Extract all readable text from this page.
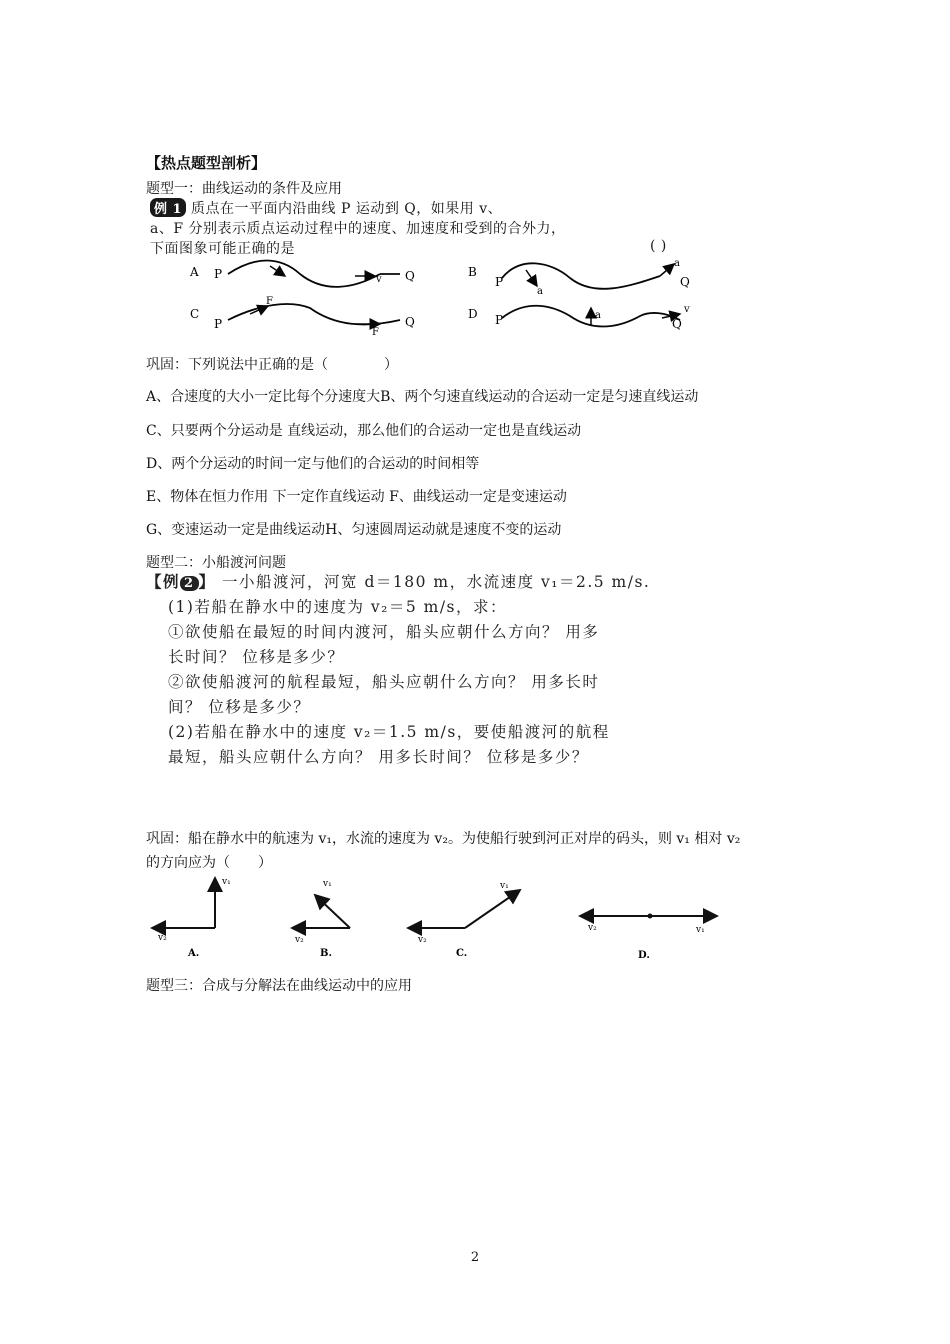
【热点题型剖析】
题型一：曲线运动的条件及应用
例 1 质点在一平面内沿曲线 P 运动到 Q，如果用 v、
a、F 分别表示质点运动过程中的速度、加速度和受到的合外力，
下面图象可能正确的是	( )
A P	v Q	B
P
a
a
Q
C
P
F
F
Q
D P	a
v
Q
巩固：下列说法中正确的是（　　　　）
A、合速度的大小一定比每个分速度大B、两个匀速直线运动的合运动一定是匀速直线运动
C、只要两个分运动是 直线运动，那么他们的合运动一定也是直线运动
D、两个分运动的时间一定与他们的合运动的时间相等
E、物体在恒力作用 下一定作直线运动 F、曲线运动一定是变速运动
G、变速运动一定是曲线运动H、匀速圆周运动就是速度不变的运动
题型二：小船渡河问题
【例 2 】 一小船渡河，河宽 d＝180 m，水流速度 v₁＝2.5 m/s.
(1)若船在静水中的速度为 v₂＝5 m/s，求：
①欲使船在最短的时间内渡河，船头应朝什么方向？ 用多
长时间？ 位移是多少？
②欲使船渡河的航程最短，船头应朝什么方向？ 用多长时
间？ 位移是多少？
(2)若船在静水中的速度 v₂＝1.5 m/s，要使船渡河的航程
最短，船头应朝什么方向？ 用多长时间？ 位移是多少？
巩固：船在静水中的航速为 v₁，水流的速度为 v₂。为使船行驶到河正对岸的码头，则 v₁ 相对 v₂
的方向应为（　　）
v₁
v₂
A.
v₁
v₂
B.
v₁
v₂
C.
v₂	v₁
D.
题型三：合成与分解法在曲线运动中的应用
2
